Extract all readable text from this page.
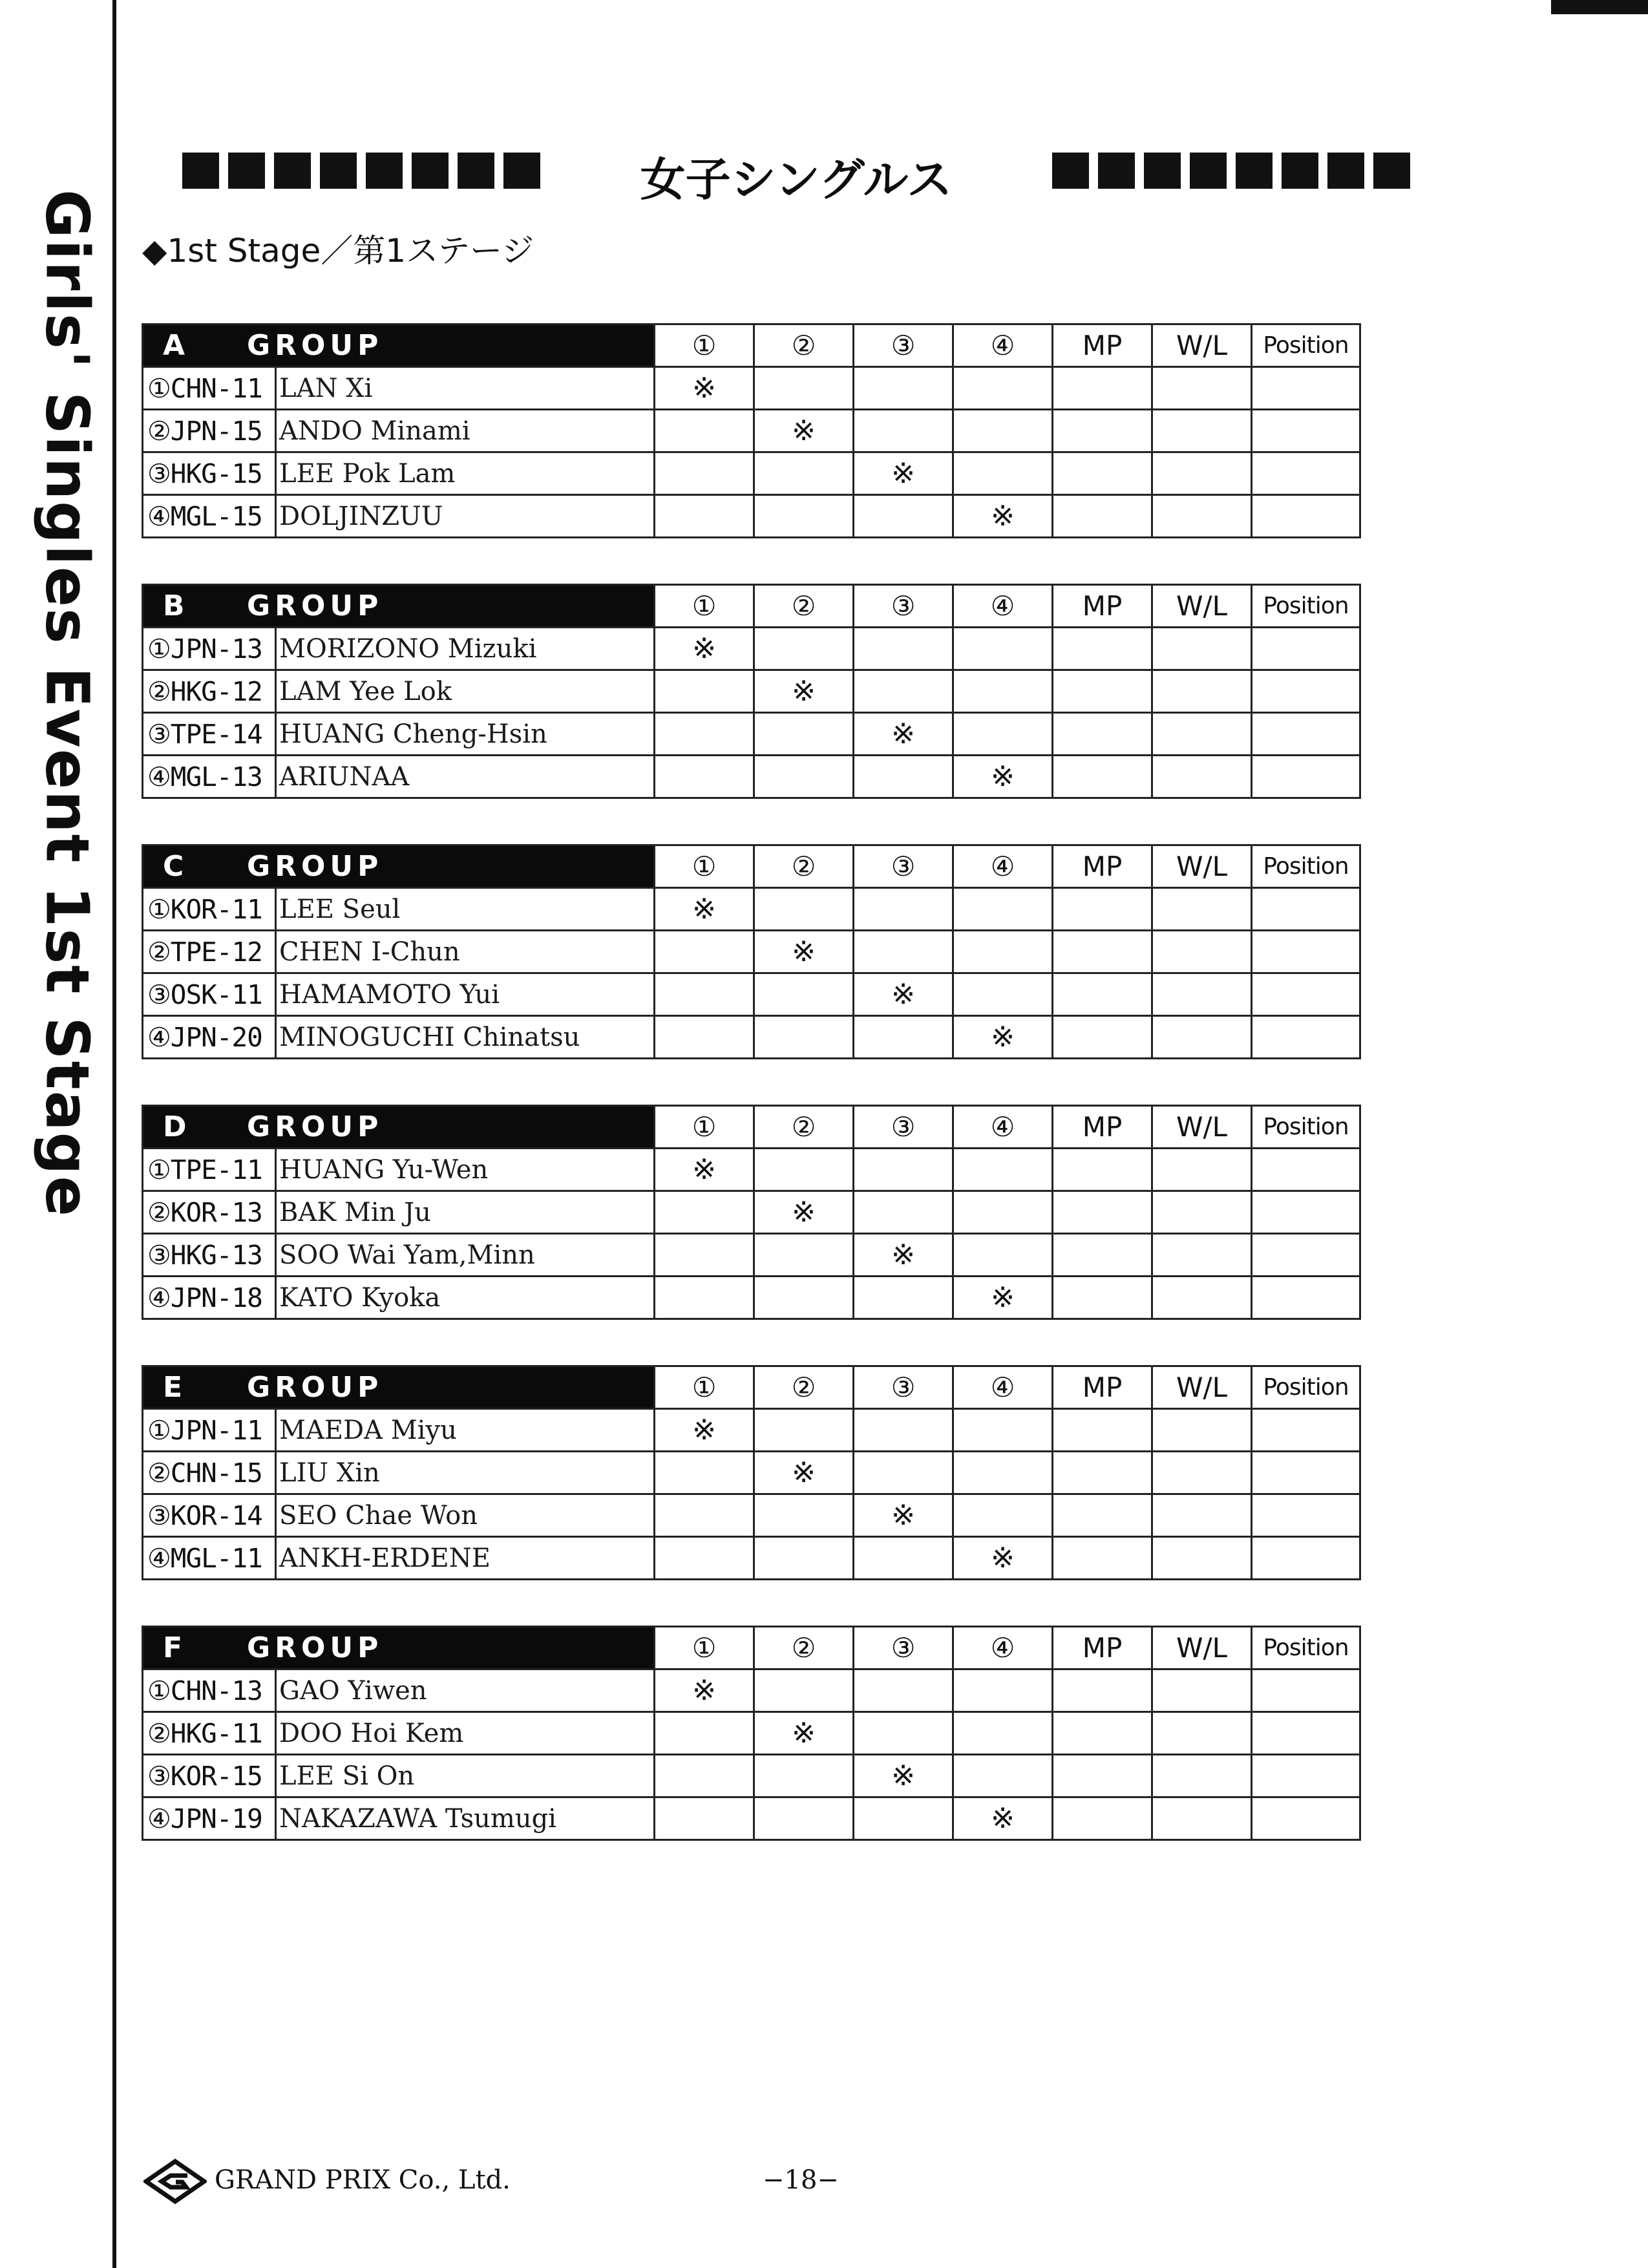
Girls' Singles Event 1st Stage
女子シングルス
◆1st Stage／第1ステージ
A GROUP		①	②	③	④	MP	W/L	Position
①CHN-11	LAN Xi	※						
②JPN-15	ANDO Minami		※					
③HKG-15	LEE Pok Lam			※				
④MGL-15	DOLJINZUU				※			
B GROUP		①	②	③	④	MP	W/L	Position
①JPN-13	MORIZONO Mizuki	※						
②HKG-12	LAM Yee Lok		※					
③TPE-14	HUANG Cheng-Hsin			※				
④MGL-13	ARIUNAA				※			
C GROUP		①	②	③	④	MP	W/L	Position
①KOR-11	LEE Seul	※						
②TPE-12	CHEN I-Chun		※					
③OSK-11	HAMAMOTO Yui			※				
④JPN-20	MINOGUCHI Chinatsu				※			
D GROUP		①	②	③	④	MP	W/L	Position
①TPE-11	HUANG Yu-Wen	※						
②KOR-13	BAK Min Ju		※					
③HKG-13	SOO Wai Yam,Minn			※				
④JPN-18	KATO Kyoka				※			
E GROUP		①	②	③	④	MP	W/L	Position
①JPN-11	MAEDA Miyu	※						
②CHN-15	LIU Xin		※					
③KOR-14	SEO Chae Won			※				
④MGL-11	ANKH-ERDENE				※			
F GROUP		①	②	③	④	MP	W/L	Position
①CHN-13	GAO Yiwen	※						
②HKG-11	DOO Hoi Kem		※					
③KOR-15	LEE Si On			※				
④JPN-19	NAKAZAWA Tsumugi				※			
GRAND PRIX Co., Ltd.	−18−
